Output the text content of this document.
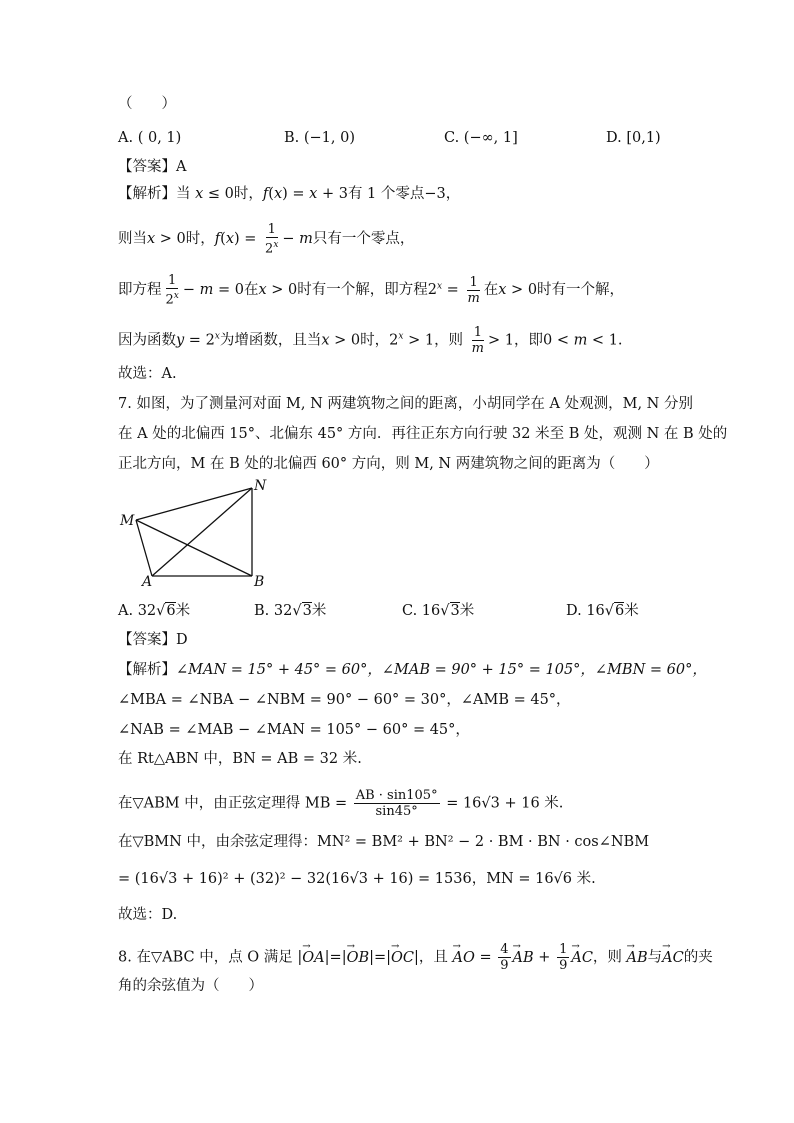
（　　）
A. ( 0, 1)	B. (−1, 0)	C. (−∞, 1]	D. [0,1)
【答案】A
【解析】当 x ≤ 0时，f(x) = x + 3有 1 个零点−3，
则当x > 0时，$f(x) = \frac{1}{2^x} - m$只有一个零点，
即方程 $\frac{1}{2^x} - m = 0$在x > 0时有一个解，即方程$2^x = \frac{1}{m}$ 在x > 0时有一个解，
因为函数$y = 2^x$为增函数，且当x > 0时，$2^x > 1$，则 $\frac{1}{m} > 1$，即0 < m < 1.
故选：A.
7. 如图，为了测量河对面 M, N 两建筑物之间的距离，小胡同学在 A 处观测，M, N 分别
在 A 处的北偏西 15°、北偏东 45° 方向．再往正东方向行驶 32 米至 B 处，观测 N 在 B 处的
正北方向，M 在 B 处的北偏西 60° 方向，则 M, N 两建筑物之间的距离为（　　）
M
N
A	B
A. 32√6米	B. 32√3米	C. 16√3米	D. 16√6米
【答案】D
【解析】∠MAN = 15° + 45° = 60°，∠MAB = 90° + 15° = 105°，∠MBN = 60°，
∠MBA = ∠NBA − ∠NBM = 90° − 60° = 30°，∠AMB = 45°，
∠NAB = ∠MAB − ∠MAN = 105° − 60° = 45°，
在 Rt△ABN 中，BN = AB = 32 米.
在▽ABM 中，由正弦定理得 MB = $\frac{AB \cdot \sin 105^\circ}{\sin 45^\circ} = 16√3 + 16$ 米.
在▽BMN 中，由余弦定理得：MN² = BM² + BN² − 2 · BM · BN · cos∠NBM
= (16√3 + 16)² + (32)² − 32(16√3 + 16) = 1536，MN = 16√6 米.
故选：D.
8. 在▽ABC 中，点 O 满足 |→ OA|=|→ OB|=|→ OC|，且 → AO = $\frac{4}{9}$ → AB + $\frac{1}{9}$ → AC，则 → AB与→ AC的夹
角的余弦值为（　　）
